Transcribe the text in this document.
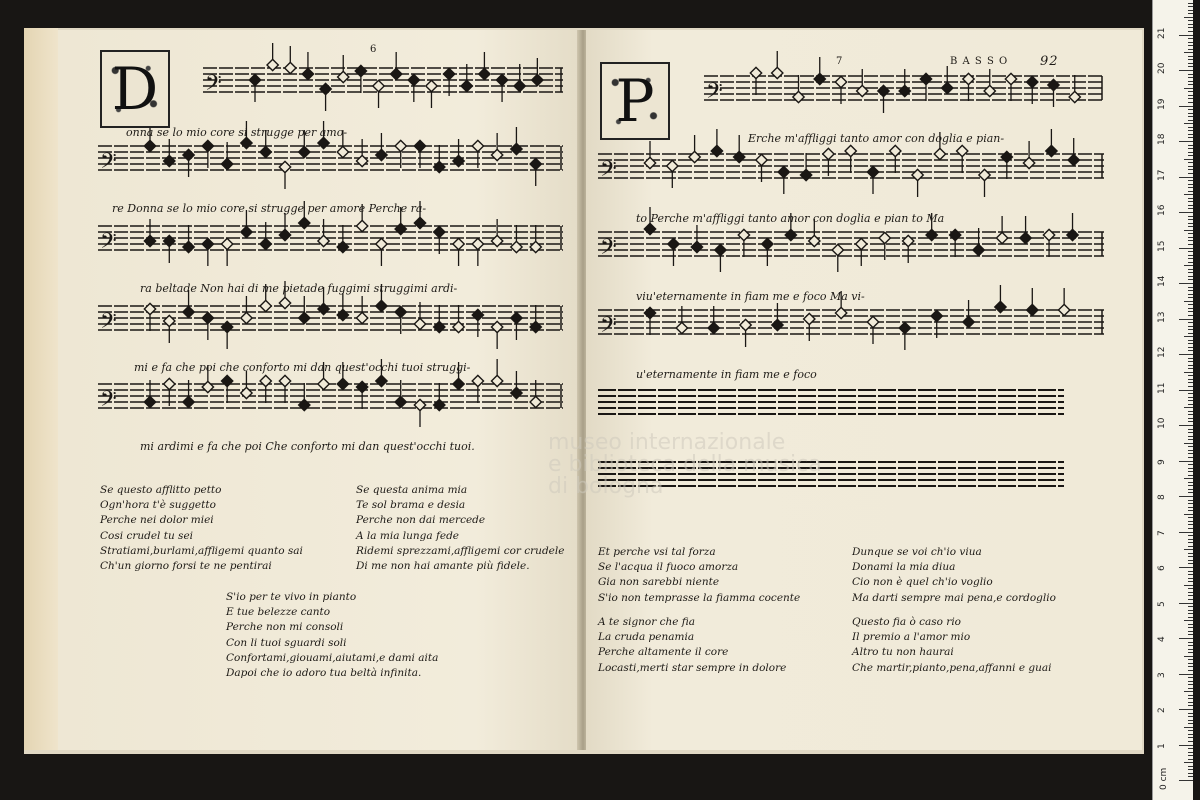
𝄢
𝄢
𝄢
𝄢
𝄢
𝄢
𝄢
𝄢
𝄢
6
7	B A S S O 92
D	P
onna se lo mio core si strugge per amo-
re Donna se lo mio core si strugge per amore Perche ra-
ra beltade Non hai di me pietade fuggimi struggimi ardi-
mi e fa che poi che conforto mi dan quest'occhi tuoi struggi-
mi ardimi e fa che poi Che conforto mi dan quest'occhi tuoi.
Erche m'affliggi tanto amor con doglia e pian-
to Perche m'affliggi tanto amor con doglia e pian to Ma
viu'eternamente in fiam me e foco Ma vi-
u'eternamente in fiam me e foco
Se questo afflitto petto
Ogn'hora t'è suggetto
Perche nei dolor miei
Cosi crudel tu sei
Stratiami,burlami,affligemi quanto sai
Ch'un giorno forsi te ne pentirai
Se questa anima mia
Te sol brama e desia
Perche non dai mercede
A la mia lunga fede
Ridemi sprezzami,affligemi cor crudele
Di me non hai amante più fidele.
S'io per te vivo in pianto
E tue belezze canto
Perche non mi consoli
Con li tuoi sguardi soli
Confortami,giouami,aiutami,e dami aita
Dapoi che io adoro tua beltà infinita.
Et perche vsi tal forza
Se l'acqua il fuoco amorza
Gia non sarebbi niente
S'io non temprasse la fiamma cocente
A te signor che fia
La cruda penamia
Perche altamente il core
Locasti,merti star sempre in dolore
Dunque se voi ch'io viua
Donami la mia diua
Cio non è quel ch'io voglio
Ma darti sempre mai pena,e cordoglio
Questo fia ò caso rio
Il premio a l'amor mio
Altro tu non haurai
Che martir,pianto,pena,affanni e guai
museo internazionale
e biblioteca della musica
di bologna
0 cm
1
2
3
4
5
6
7
8
9
10
11
12
13
14
15
16
17
18
19
20
21
